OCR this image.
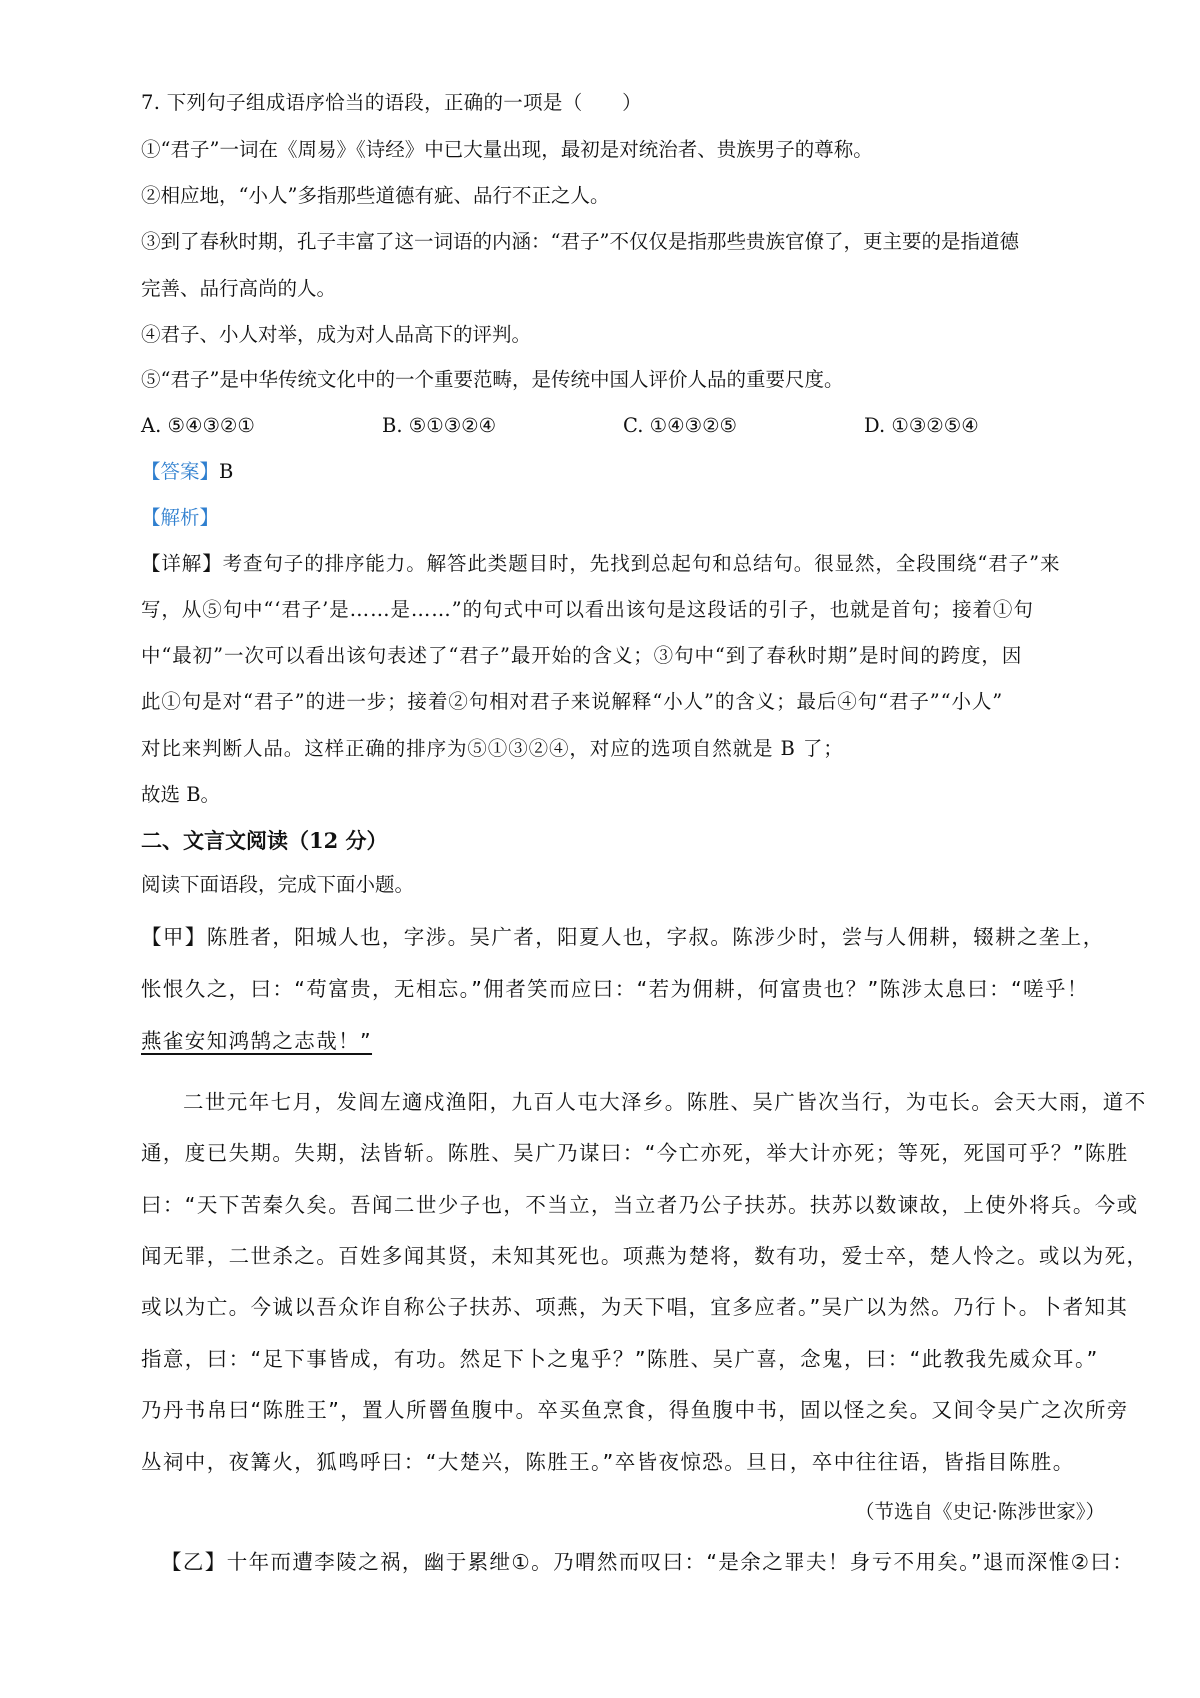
7. 下列句子组成语序恰当的语段，正确的一项是（　　）
①“君子”一词在《周易》《诗经》中已大量出现，最初是对统治者、贵族男子的尊称。
②相应地，“小人”多指那些道德有疵、品行不正之人。
③到了春秋时期，孔子丰富了这一词语的内涵：“君子”不仅仅是指那些贵族官僚了，更主要的是指道德
完善、品行高尚的人。
④君子、小人对举，成为对人品高下的评判。
⑤“君子”是中华传统文化中的一个重要范畴，是传统中国人评价人品的重要尺度。
A. ⑤④③②①	B. ⑤①③②④	C. ①④③②⑤	D. ①③②⑤④
【答案】B
【解析】
【详解】考查句子的排序能力。解答此类题目时，先找到总起句和总结句。很显然，全段围绕“君子”来
写，从⑤句中“‘君子’是……是……”的句式中可以看出该句是这段话的引子，也就是首句；接着①句
中“最初”一次可以看出该句表述了“君子”最开始的含义；③句中“到了春秋时期”是时间的跨度，因
此①句是对“君子”的进一步；接着②句相对君子来说解释“小人”的含义；最后④句“君子”“小人”
对比来判断人品。这样正确的排序为⑤①③②④，对应的选项自然就是 B 了；
故选 B。
二、文言文阅读（12 分）
阅读下面语段，完成下面小题。
【甲】陈胜者，阳城人也，字涉。吴广者，阳夏人也，字叔。陈涉少时，尝与人佣耕，辍耕之垄上，
怅恨久之，曰：“苟富贵，无相忘。”佣者笑而应曰：“若为佣耕，何富贵也？”陈涉太息曰：“嗟乎！
燕雀安知鸿鹄之志哉！”
二世元年七月，发闾左適戍渔阳，九百人屯大泽乡。陈胜、吴广皆次当行，为屯长。会天大雨，道不
通，度已失期。失期，法皆斩。陈胜、吴广乃谋曰：“今亡亦死，举大计亦死；等死，死国可乎？”陈胜
曰：“天下苦秦久矣。吾闻二世少子也，不当立，当立者乃公子扶苏。扶苏以数谏故，上使外将兵。今或
闻无罪，二世杀之。百姓多闻其贤，未知其死也。项燕为楚将，数有功，爱士卒，楚人怜之。或以为死，
或以为亡。今诚以吾众诈自称公子扶苏、项燕，为天下唱，宜多应者。”吴广以为然。乃行卜。卜者知其
指意，曰：“足下事皆成，有功。然足下卜之鬼乎？”陈胜、吴广喜，念鬼，曰：“此教我先威众耳。”
乃丹书帛曰“陈胜王”，置人所罾鱼腹中。卒买鱼烹食，得鱼腹中书，固以怪之矣。又间令吴广之次所旁
丛祠中，夜篝火，狐鸣呼曰：“大楚兴，陈胜王。”卒皆夜惊恐。旦日，卒中往往语，皆指目陈胜。
（节选自《史记·陈涉世家》）
【乙】十年而遭李陵之祸，幽于累绁①。乃喟然而叹曰：“是余之罪夫！身亏不用矣。”退而深惟②曰：
